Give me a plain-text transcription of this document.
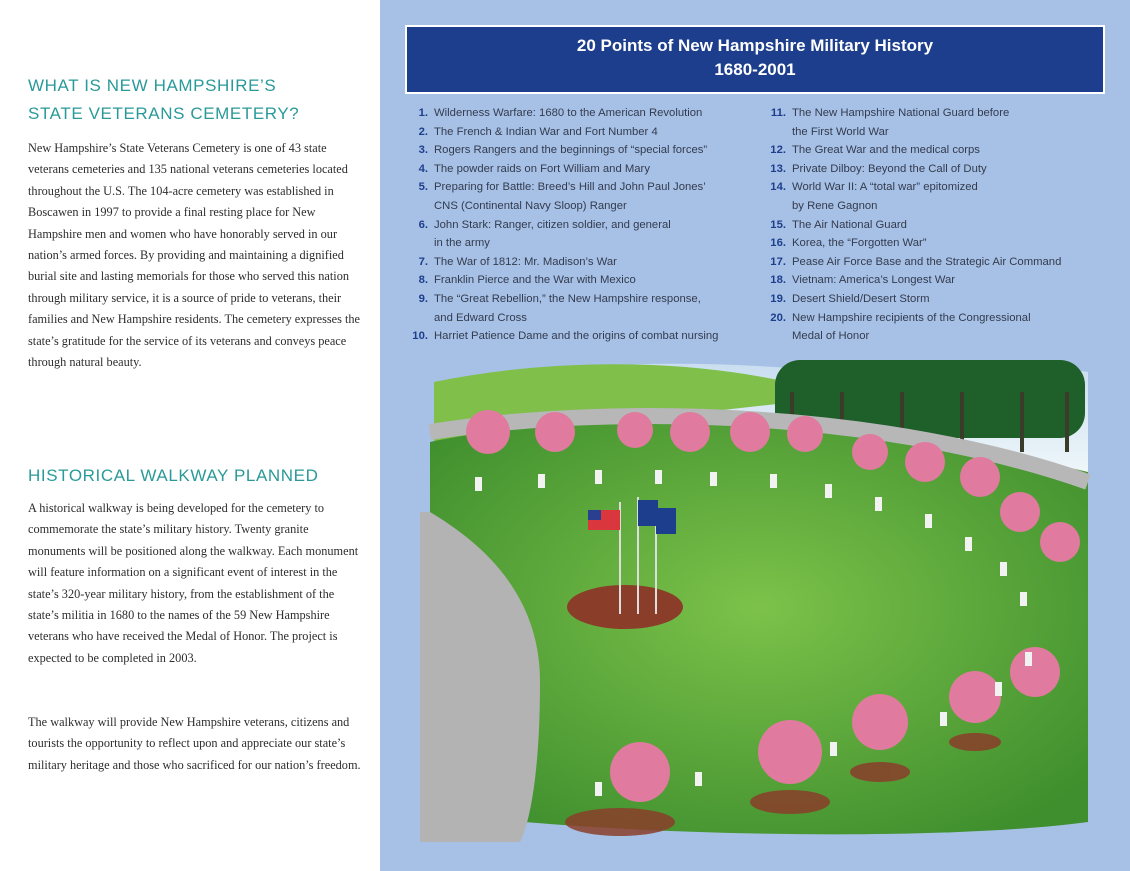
WHAT IS NEW HAMPSHIRE’S
STATE VETERANS CEMETERY?
New Hampshire’s State Veterans Cemetery is one of 43 state veterans cemeteries and 135 national veterans cemeteries located throughout the U.S. The 104-acre cemetery was established in Boscawen in 1997 to provide a final resting place for New Hampshire men and women who have honorably served in our nation’s armed forces. By providing and maintaining a dignified burial site and lasting memorials for those who served this nation through military service, it is a source of pride to veterans, their families and New Hampshire residents. The cemetery expresses the state’s gratitude for the service of its veterans and conveys peace through natural beauty.
HISTORICAL WALKWAY PLANNED
A historical walkway is being developed for the cemetery to commemorate the state’s military history. Twenty granite monuments will be positioned along the walkway. Each monument will feature information on a significant event of interest in the state’s 320-year military history, from the establishment of the state’s militia in 1680 to the names of the 59 New Hampshire veterans who have received the Medal of Honor. The project is expected to be completed in 2003.
The walkway will provide New Hampshire veterans, citizens and tourists the opportunity to reflect upon and appreciate our state’s military heritage and those who sacrificed for our nation’s freedom.
20 Points of New Hampshire Military History
1680-2001
1. Wilderness Warfare: 1680 to the American Revolution
2. The French & Indian War and Fort Number 4
3. Rogers Rangers and the beginnings of “special forces”
4. The powder raids on Fort William and Mary
5. Preparing for Battle: Breed’s Hill and John Paul Jones’
CNS (Continental Navy Sloop) Ranger
6. John Stark: Ranger, citizen soldier, and general
in the army
7. The War of 1812: Mr. Madison’s War
8. Franklin Pierce and the War with Mexico
9. The “Great Rebellion,” the New Hampshire response,
and Edward Cross
10. Harriet Patience Dame and the origins of combat nursing
11. The New Hampshire National Guard before
the First World War
12. The Great War and the medical corps
13. Private Dilboy: Beyond the Call of Duty
14. World War II: A “total war” epitomized
by Rene Gagnon
15. The Air National Guard
16. Korea, the “Forgotten War”
17. Pease Air Force Base and the Strategic Air Command
18. Vietnam: America’s Longest War
19. Desert Shield/Desert Storm
20. New Hampshire recipients of the Congressional
Medal of Honor
